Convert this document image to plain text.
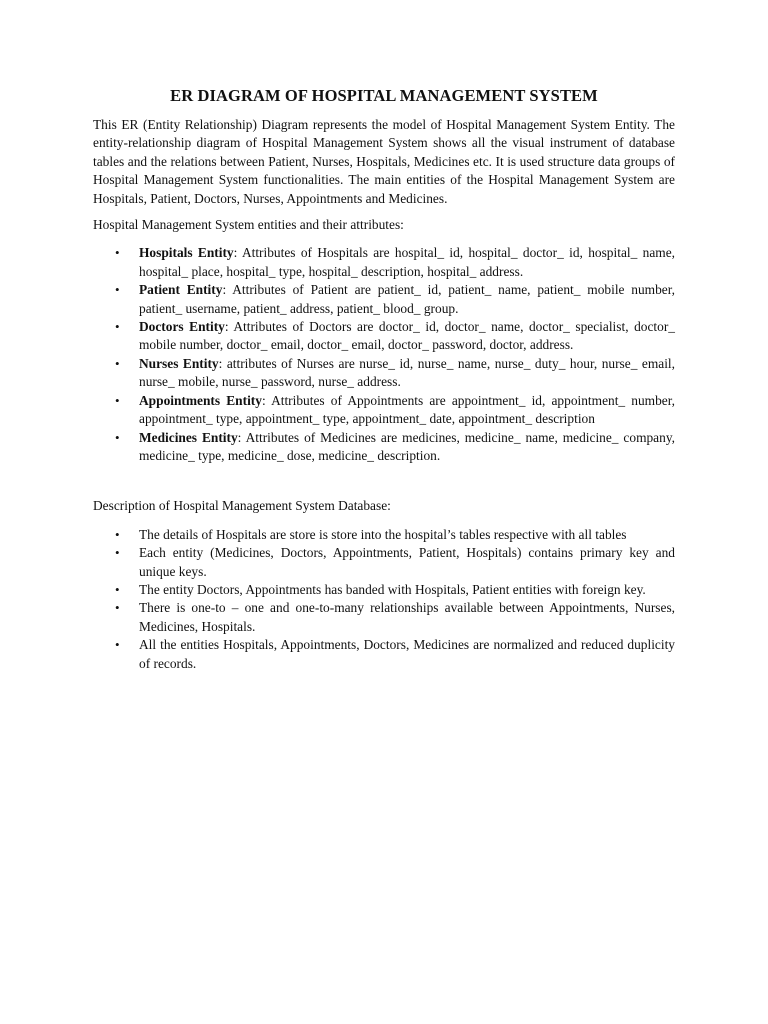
ER DIAGRAM OF HOSPITAL MANAGEMENT SYSTEM

This ER (Entity Relationship) Diagram represents the model of Hospital Management System Entity. The entity-relationship diagram of Hospital Management System shows all the visual instrument of database tables and the relations between Patient, Nurses, Hospitals, Medicines etc. It is used structure data groups of Hospital Management System functionalities. The main entities of the Hospital Management System are Hospitals, Patient, Doctors, Nurses, Appointments and Medicines.

Hospital Management System entities and their attributes:

• Hospitals Entity: Attributes of Hospitals are hospital_ id, hospital_ doctor_ id, hospital_ name, hospital_ place, hospital_ type, hospital_ description, hospital_ address.
• Patient Entity: Attributes of Patient are patient_ id, patient_ name, patient_ mobile number, patient_ username, patient_ address, patient_ blood_ group.
• Doctors Entity: Attributes of Doctors are doctor_ id, doctor_ name, doctor_ specialist, doctor_ mobile number, doctor_ email, doctor_ email, doctor_ password, doctor, address.
• Nurses Entity: attributes of Nurses are nurse_ id, nurse_ name, nurse_ duty_ hour, nurse_ email, nurse_ mobile, nurse_ password, nurse_ address.
• Appointments Entity: Attributes of Appointments are appointment_ id, appointment_ number, appointment_ type, appointment_ type, appointment_ date, appointment_ description
• Medicines Entity: Attributes of Medicines are medicines, medicine_ name, medicine_ company, medicine_ type, medicine_ dose, medicine_ description.

Description of Hospital Management System Database:

• The details of Hospitals are store is store into the hospital’s tables respective with all tables
• Each entity (Medicines, Doctors, Appointments, Patient, Hospitals) contains primary key and unique keys.
• The entity Doctors, Appointments has banded with Hospitals, Patient entities with foreign key.
• There is one-to – one and one-to-many relationships available between Appointments, Nurses, Medicines, Hospitals.
• All the entities Hospitals, Appointments, Doctors, Medicines are normalized and reduced duplicity of records.
